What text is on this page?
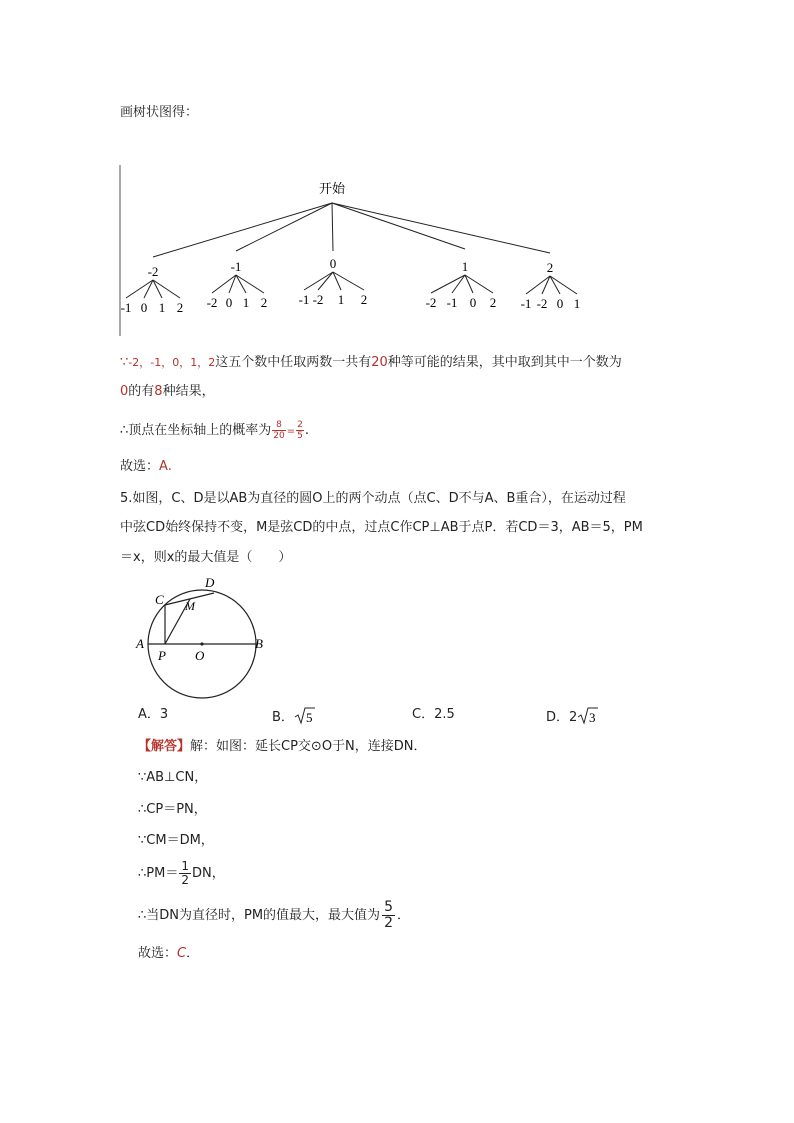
画树状图得：
开始
-2
-1 0 1 2
-1
-2 0 1 2
0
-1 -2 1 2
1
-2 -1 0 2
2
-1 -2 0 1
∵-2，-1，0，1，2这五个数中任取两数一共有20种等可能的结果，其中取到其中一个数为
0的有8种结果，
∴顶点在坐标轴上的概率为 $\frac{8}{20} = \frac{2}{5}$ .
故选：A.
5.如图，C、D是以AB为直径的圆O上的两个动点（点C、D不与A、B重合），在运动过程
中弦CD始终保持不变，M是弦CD的中点，过点C作CP⊥AB于点P．若CD＝3，AB＝5，PM
＝x，则x的最大值是（　　）
C
D
M
A	B
P O
A．3	B． 5	C．2.5	D．2 3
【解答】解：如图：延长CP交⊙O于N，连接DN．
∵AB⊥CN，
∴CP＝PN，
∵CM＝DM，
∴PM＝ $\frac{1}{2}$ DN，
∴当DN为直径时，PM的值最大，最大值为 $\frac{5}{2}$ ．
故选：C．
